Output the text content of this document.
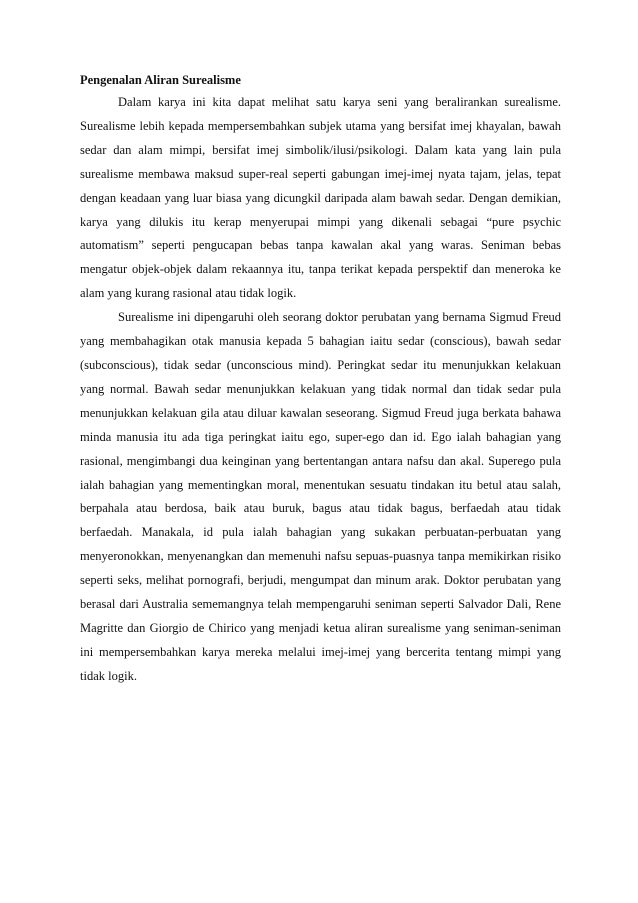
Pengenalan Aliran Surealisme

Dalam karya ini kita dapat melihat satu karya seni yang beralirankan surealisme. Surealisme lebih kepada mempersembahkan subjek utama yang bersifat imej khayalan, bawah sedar dan alam mimpi, bersifat imej simbolik/ilusi/psikologi. Dalam kata yang lain pula surealisme membawa maksud super-real seperti gabungan imej-imej nyata tajam, jelas, tepat dengan keadaan yang luar biasa yang dicungkil daripada alam bawah sedar. Dengan demikian, karya yang dilukis itu kerap menyerupai mimpi yang dikenali sebagai “pure psychic automatism” seperti pengucapan bebas tanpa kawalan akal yang waras. Seniman bebas mengatur objek-objek dalam rekaannya itu, tanpa terikat kepada perspektif dan meneroka ke alam yang kurang rasional atau tidak logik.

Surealisme ini dipengaruhi oleh seorang doktor perubatan yang bernama Sigmud Freud yang membahagikan otak manusia kepada 5 bahagian iaitu sedar (conscious), bawah sedar (subconscious), tidak sedar (unconscious mind). Peringkat sedar itu menunjukkan kelakuan yang normal. Bawah sedar menunjukkan kelakuan yang tidak normal dan tidak sedar pula menunjukkan kelakuan gila atau diluar kawalan seseorang. Sigmud Freud juga berkata bahawa minda manusia itu ada tiga peringkat iaitu ego, super-ego dan id. Ego ialah bahagian yang rasional, mengimbangi dua keinginan yang bertentangan antara nafsu dan akal. Superego pula ialah bahagian yang mementingkan moral, menentukan sesuatu tindakan itu betul atau salah, berpahala atau berdosa, baik atau buruk, bagus atau tidak bagus, berfaedah atau tidak berfaedah. Manakala, id pula ialah bahagian yang sukakan perbuatan-perbuatan yang menyeronokkan, menyenangkan dan memenuhi nafsu sepuas-puasnya tanpa memikirkan risiko seperti seks, melihat pornografi, berjudi, mengumpat dan minum arak. Doktor perubatan yang berasal dari Australia sememangnya telah mempengaruhi seniman seperti Salvador Dali, Rene Magritte dan Giorgio de Chirico yang menjadi ketua aliran surealisme yang seniman-seniman ini mempersembahkan karya mereka melalui imej-imej yang bercerita tentang mimpi yang tidak logik.
